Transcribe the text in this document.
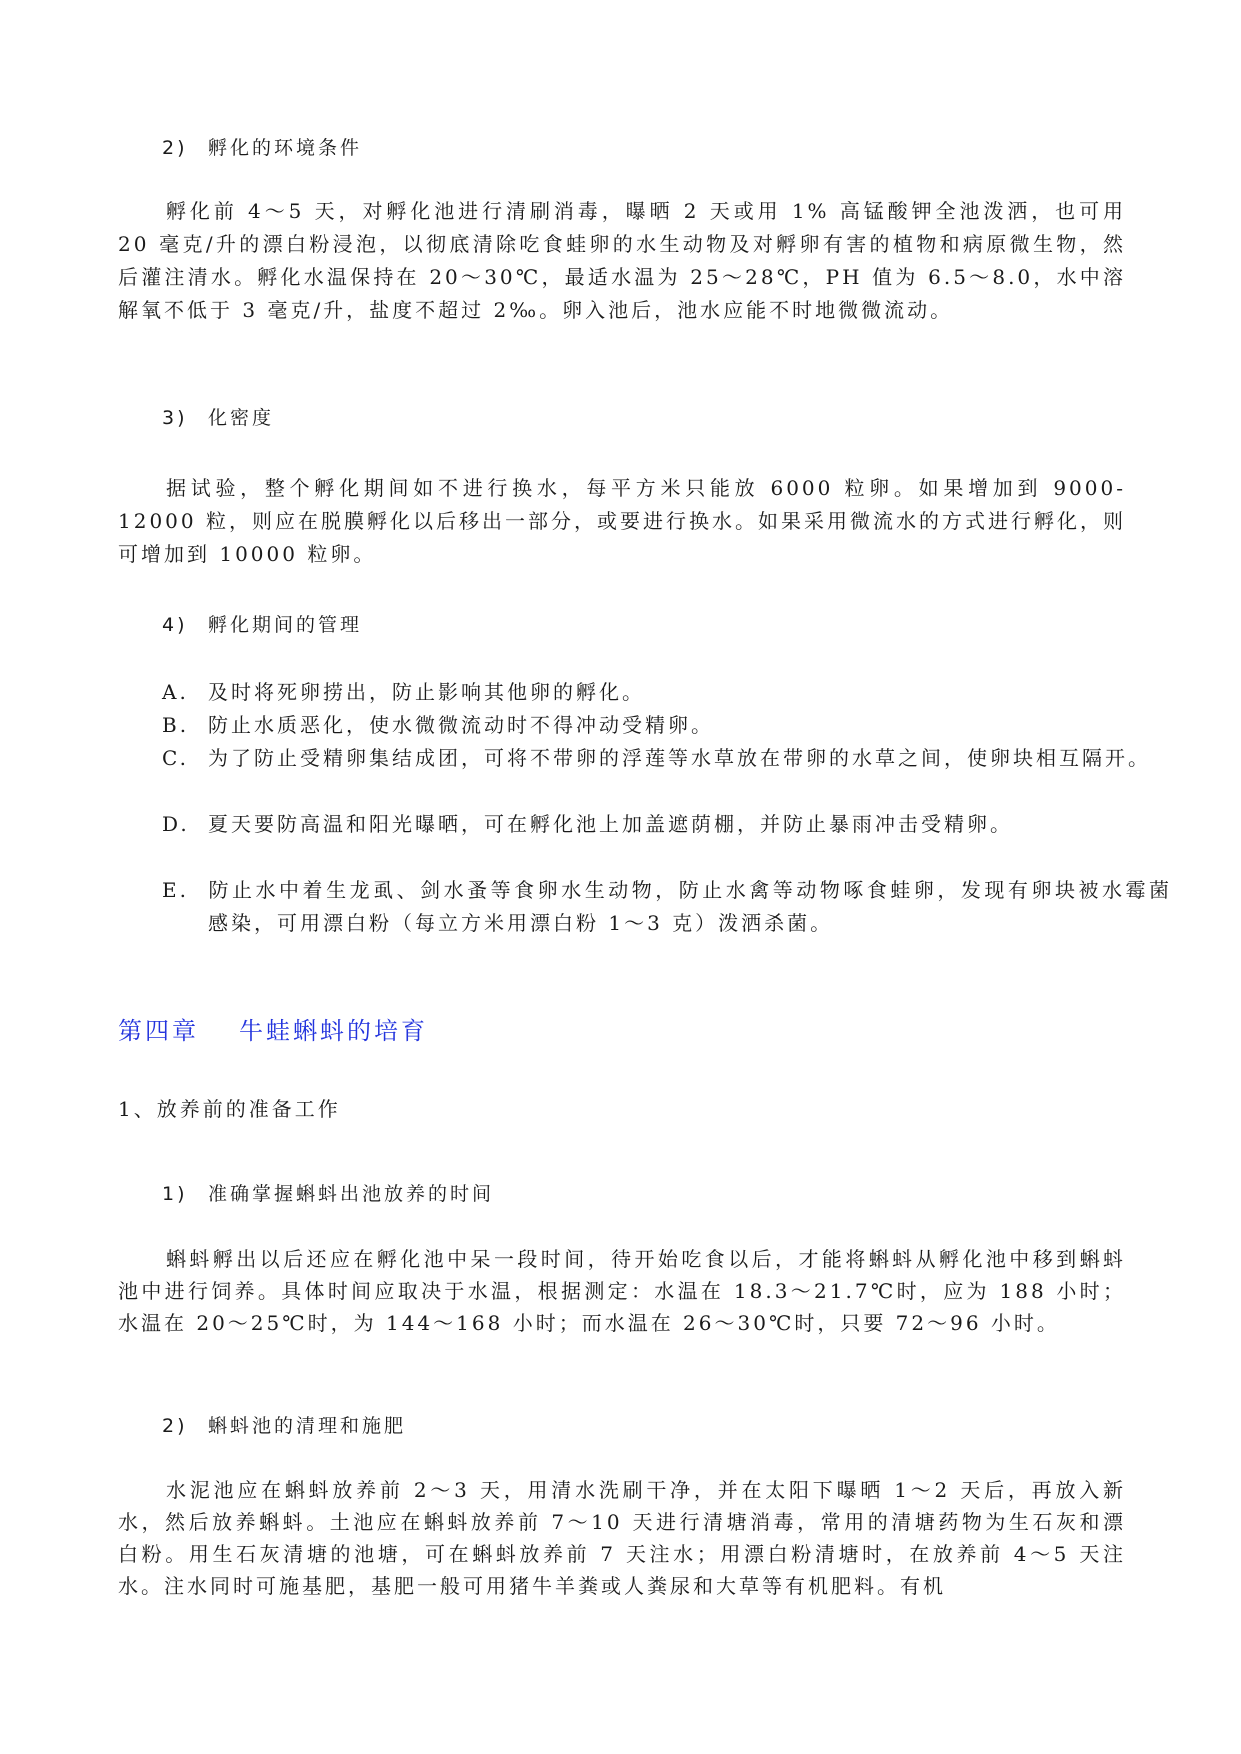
2) 孵化的环境条件
孵化前 4～5 天，对孵化池进行清刷消毒，曝晒 2 天或用 1% 高锰酸钾全池泼洒，也可用 20 毫克/升的漂白粉浸泡，以彻底清除吃食蛙卵的水生动物及对孵卵有害的植物和病原微生物，然后灌注清水。孵化水温保持在 20～30℃，最适水温为 25～28℃，PH 值为 6.5～8.0，水中溶解氧不低于 3 毫克/升，盐度不超过 2‰。卵入池后，池水应能不时地微微流动。
3) 化密度
据试验，整个孵化期间如不进行换水，每平方米只能放 6000 粒卵。如果增加到 9000-12000 粒，则应在脱膜孵化以后移出一部分，或要进行换水。如果采用微流水的方式进行孵化，则可增加到 10000 粒卵。
4) 孵化期间的管理
A. 及时将死卵捞出，防止影响其他卵的孵化。
B. 防止水质恶化，使水微微流动时不得冲动受精卵。
C. 为了防止受精卵集结成团，可将不带卵的浮莲等水草放在带卵的水草之间，使卵块相互隔开。
D. 夏天要防高温和阳光曝晒，可在孵化池上加盖遮荫棚，并防止暴雨冲击受精卵。
E. 防止水中着生龙虱、剑水蚤等食卵水生动物，防止水禽等动物啄食蛙卵，发现有卵块被水霉菌感染，可用漂白粉（每立方米用漂白粉 1～3 克）泼洒杀菌。
第四章 牛蛙蝌蚪的培育
1、放养前的准备工作
1) 准确掌握蝌蚪出池放养的时间
蝌蚪孵出以后还应在孵化池中呆一段时间，待开始吃食以后，才能将蝌蚪从孵化池中移到蝌蚪池中进行饲养。具体时间应取决于水温，根据测定：水温在 18.3～21.7℃时，应为 188 小时；水温在 20～25℃时，为 144～168 小时；而水温在 26～30℃时，只要 72～96 小时。
2) 蝌蚪池的清理和施肥
水泥池应在蝌蚪放养前 2～3 天，用清水洗刷干净，并在太阳下曝晒 1～2 天后，再放入新水，然后放养蝌蚪。土池应在蝌蚪放养前 7～10 天进行清塘消毒，常用的清塘药物为生石灰和漂白粉。用生石灰清塘的池塘，可在蝌蚪放养前 7 天注水；用漂白粉清塘时，在放养前 4～5 天注水。注水同时可施基肥，基肥一般可用猪牛羊粪或人粪尿和大草等有机肥料。有机
